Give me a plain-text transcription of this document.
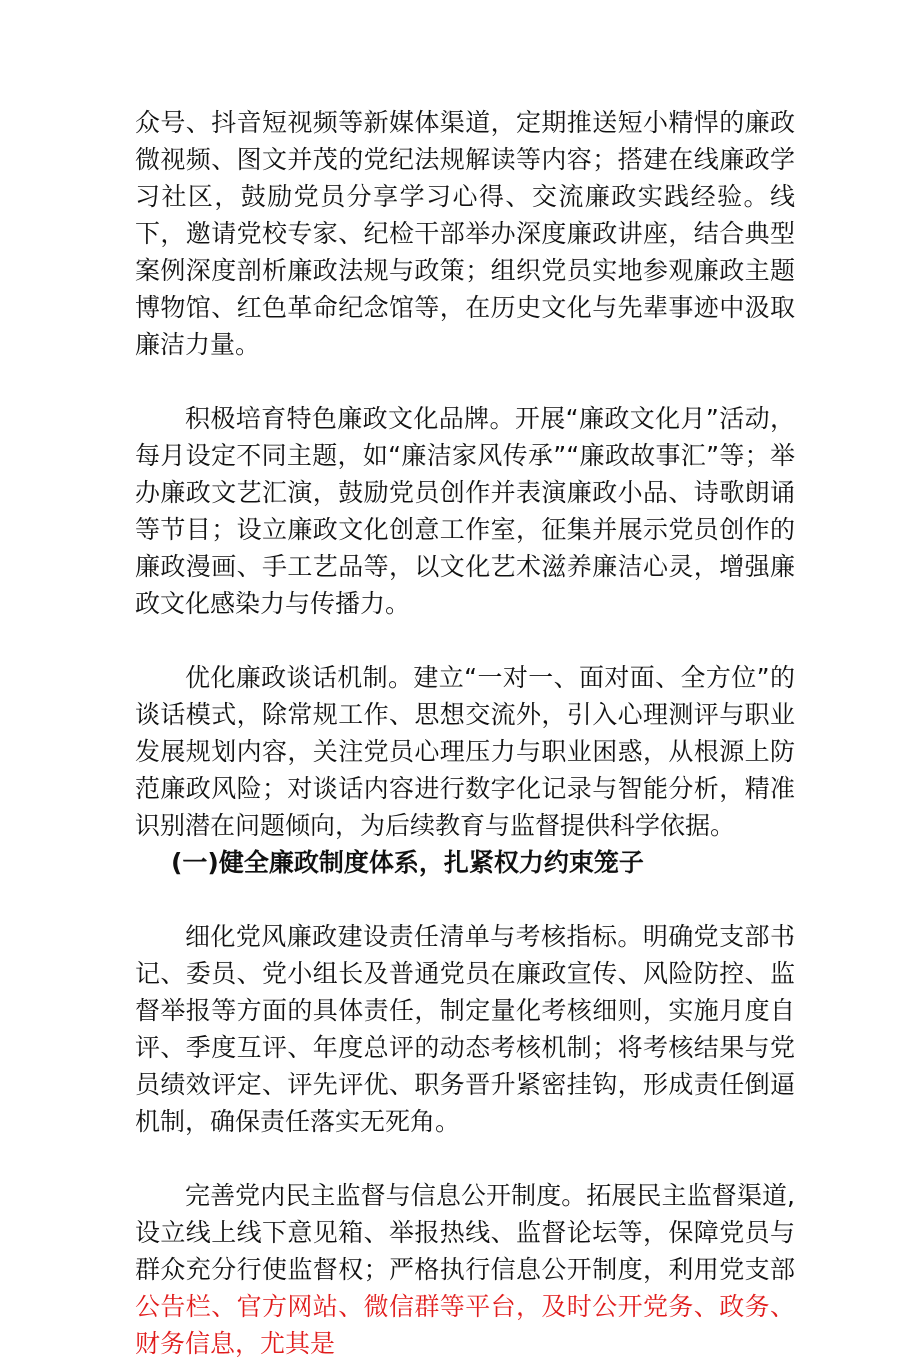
众号、抖音短视频等新媒体渠道，定期推送短小精悍的廉政微视频、图文并茂的党纪法规解读等内容；搭建在线廉政学习社区，鼓励党员分享学习心得、交流廉政实践经验。线下，邀请党校专家、纪检干部举办深度廉政讲座，结合典型案例深度剖析廉政法规与政策；组织党员实地参观廉政主题博物馆、红色革命纪念馆等，在历史文化与先辈事迹中汲取廉洁力量。

积极培育特色廉政文化品牌。开展“廉政文化月”活动，每月设定不同主题，如“廉洁家风传承”“廉政故事汇”等；举办廉政文艺汇演，鼓励党员创作并表演廉政小品、诗歌朗诵等节目；设立廉政文化创意工作室，征集并展示党员创作的廉政漫画、手工艺品等，以文化艺术滋养廉洁心灵，增强廉政文化感染力与传播力。

优化廉政谈话机制。建立“一对一、面对面、全方位”的谈话模式，除常规工作、思想交流外，引入心理测评与职业发展规划内容，关注党员心理压力与职业困惑，从根源上防范廉政风险；对谈话内容进行数字化记录与智能分析，精准识别潜在问题倾向，为后续教育与监督提供科学依据。

(一)健全廉政制度体系，扎紧权力约束笼子

细化党风廉政建设责任清单与考核指标。明确党支部书记、委员、党小组长及普通党员在廉政宣传、风险防控、监督举报等方面的具体责任，制定量化考核细则，实施月度自评、季度互评、年度总评的动态考核机制；将考核结果与党员绩效评定、评先评优、职务晋升紧密挂钩，形成责任倒逼机制，确保责任落实无死角。

完善党内民主监督与信息公开制度。拓展民主监督渠道,设立线上线下意见箱、举报热线、监督论坛等，保障党员与群众充分行使监督权；严格执行信息公开制度，利用党支部公告栏、官方网站、微信群等平台，及时公开党务、政务、财务信息，尤其是
